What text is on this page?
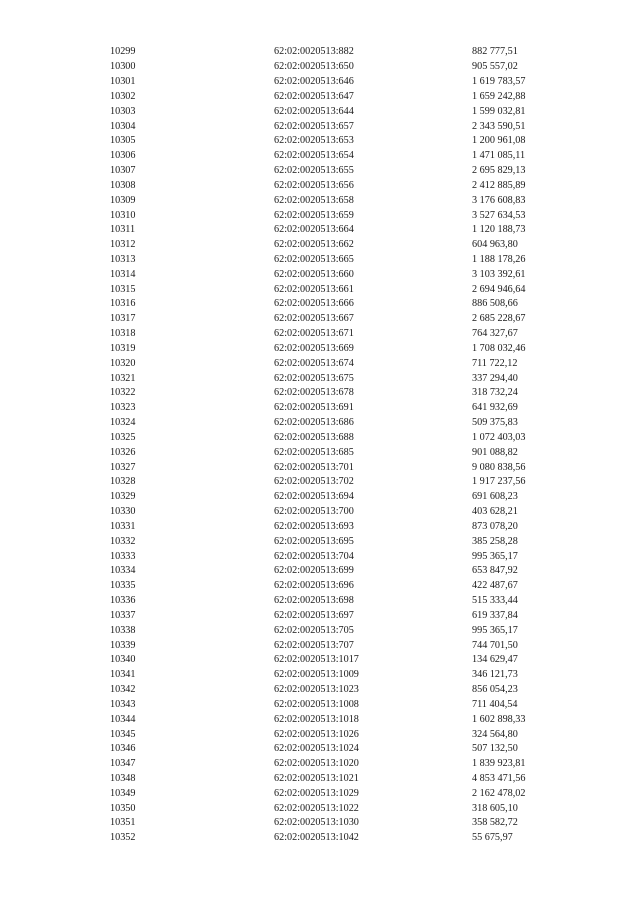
10299	62:02:0020513:882	882 777,51
10300	62:02:0020513:650	905 557,02
10301	62:02:0020513:646	1 619 783,57
10302	62:02:0020513:647	1 659 242,88
10303	62:02:0020513:644	1 599 032,81
10304	62:02:0020513:657	2 343 590,51
10305	62:02:0020513:653	1 200 961,08
10306	62:02:0020513:654	1 471 085,11
10307	62:02:0020513:655	2 695 829,13
10308	62:02:0020513:656	2 412 885,89
10309	62:02:0020513:658	3 176 608,83
10310	62:02:0020513:659	3 527 634,53
10311	62:02:0020513:664	1 120 188,73
10312	62:02:0020513:662	604 963,80
10313	62:02:0020513:665	1 188 178,26
10314	62:02:0020513:660	3 103 392,61
10315	62:02:0020513:661	2 694 946,64
10316	62:02:0020513:666	886 508,66
10317	62:02:0020513:667	2 685 228,67
10318	62:02:0020513:671	764 327,67
10319	62:02:0020513:669	1 708 032,46
10320	62:02:0020513:674	711 722,12
10321	62:02:0020513:675	337 294,40
10322	62:02:0020513:678	318 732,24
10323	62:02:0020513:691	641 932,69
10324	62:02:0020513:686	509 375,83
10325	62:02:0020513:688	1 072 403,03
10326	62:02:0020513:685	901 088,82
10327	62:02:0020513:701	9 080 838,56
10328	62:02:0020513:702	1 917 237,56
10329	62:02:0020513:694	691 608,23
10330	62:02:0020513:700	403 628,21
10331	62:02:0020513:693	873 078,20
10332	62:02:0020513:695	385 258,28
10333	62:02:0020513:704	995 365,17
10334	62:02:0020513:699	653 847,92
10335	62:02:0020513:696	422 487,67
10336	62:02:0020513:698	515 333,44
10337	62:02:0020513:697	619 337,84
10338	62:02:0020513:705	995 365,17
10339	62:02:0020513:707	744 701,50
10340	62:02:0020513:1017	134 629,47
10341	62:02:0020513:1009	346 121,73
10342	62:02:0020513:1023	856 054,23
10343	62:02:0020513:1008	711 404,54
10344	62:02:0020513:1018	1 602 898,33
10345	62:02:0020513:1026	324 564,80
10346	62:02:0020513:1024	507 132,50
10347	62:02:0020513:1020	1 839 923,81
10348	62:02:0020513:1021	4 853 471,56
10349	62:02:0020513:1029	2 162 478,02
10350	62:02:0020513:1022	318 605,10
10351	62:02:0020513:1030	358 582,72
10352	62:02:0020513:1042	55 675,97
